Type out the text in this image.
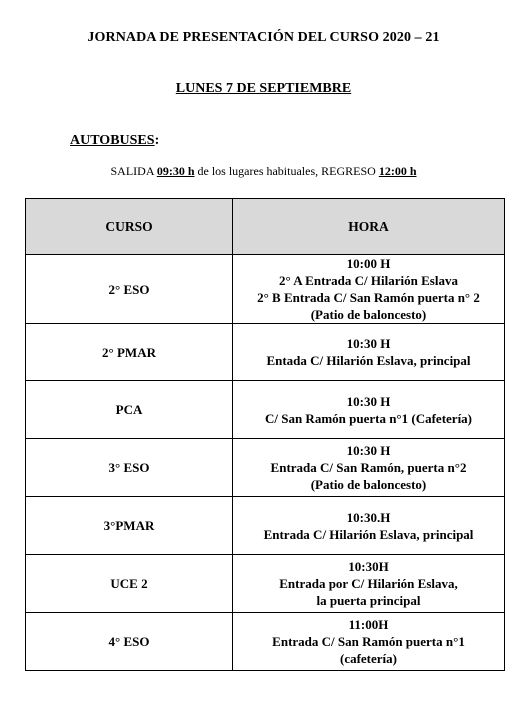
JORNADA DE PRESENTACIÓN DEL CURSO 2020 – 21
LUNES 7 DE SEPTIEMBRE
AUTOBUSES:
SALIDA 09:30 h de los lugares habituales, REGRESO 12:00 h
CURSO	HORA
2° ESO	10:00 H
2° A Entrada C/ Hilarión Eslava
2° B Entrada C/ San Ramón puerta n° 2
(Patio de baloncesto)

2° PMAR	10:30 H
Entada C/ Hilarión Eslava, principal

PCA	10:30 H
C/ San Ramón puerta n°1 (Cafetería)

3° ESO	10:30 H
Entrada C/ San Ramón, puerta n°2
(Patio de baloncesto)

3°PMAR	10:30.H
Entrada C/ Hilarión Eslava, principal

UCE 2	10:30H
Entrada por C/ Hilarión Eslava,
la puerta principal

4° ESO	11:00H
Entrada C/ San Ramón puerta n°1
(cafetería)
